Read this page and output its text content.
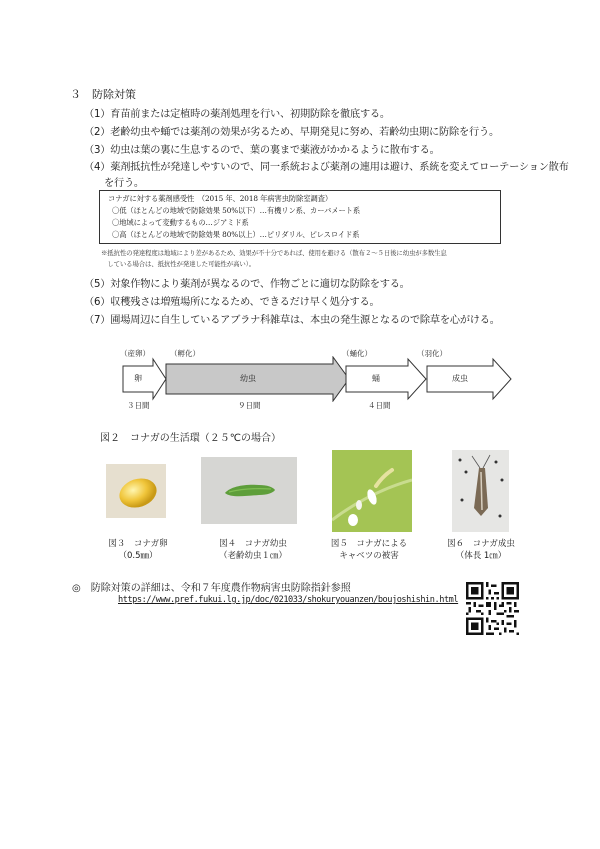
３　防除対策
（1）育苗前または定植時の薬剤処理を行い、初期防除を徹底する。
（2）老齢幼虫や蛹では薬剤の効果が劣るため、早期発見に努め、若齢幼虫期に防除を行う。
（3）幼虫は葉の裏に生息するので、葉の裏まで薬液がかかるように散布する。
（4）薬剤抵抗性が発達しやすいので、同一系統および薬剤の連用は避け、系統を変えてローテーション散布
　　を行う。
コナガに対する薬剤感受性　（2015 年、2018 年病害虫防除室調査）
〇低（ほとんどの地域で防除効果 50%以下）…有機リン系、カーバメート系
〇地域によって変動するもの…ジアミド系
〇高（ほとんどの地域で防除効果 80%以上）…ピリダリル、ピレスロイド系
※抵抗性の発達程度は地域により差があるため、効果が不十分であれば、使用を避ける（散布２～５日後に幼虫が多数生息
　している場合は、抵抗性が発達した可能性が高い）。
（5）対象作物により薬剤が異なるので、作物ごとに適切な防除をする。
（6）収穫残さは増殖場所になるため、できるだけ早く処分する。
（7）圃場周辺に自生しているアブラナ科雑草は、本虫の発生源となるので除草を心がける。
（産卵）	（孵化）	（蛹化）	（羽化）
卵	幼虫	蛹	成虫
３日間	９日間	４日間
図２　コナガの生活環（２５℃の場合）
図３　コナガ卵
（0.5㎜）
図４　コナガ幼虫
（老齢幼虫１㎝）
図５　コナガによる
キャベツの被害
図６　コナガ成虫
（体長 1㎝）
◎　防除対策の詳細は、令和７年度農作物病害虫防除指針参照
https://www.pref.fukui.lg.jp/doc/021033/shokuryouanzen/boujoshishin.html
